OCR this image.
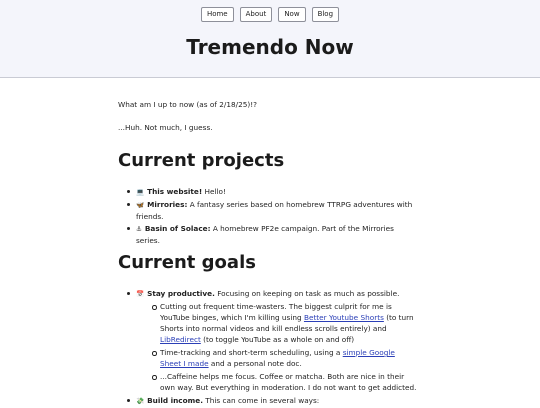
Home	About	Now	Blog
Tremendo Now

What am I up to now (as of 2/18/25)!?

...Huh. Not much, I guess.

Current projects
💻 This website! Hello!
🦋 Mirrories: A fantasy series based on homebrew TTRPG adventures with friends.
⚓ Basin of Solace: A homebrew PF2e campaign. Part of the Mirrories series.
Current goals
📅 Stay productive. Focusing on keeping on task as much as possible.
Cutting out frequent time-wasters. The biggest culprit for me is YouTube binges, which I'm killing using Better Youtube Shorts (to turn Shorts into normal videos and kill endless scrolls entirely) and LibRedirect (to toggle YouTube as a whole on and off)
Time-tracking and short-term scheduling, using a simple Google Sheet I made and a personal note doc.
...Caffeine helps me focus. Coffee or matcha. Both are nice in their own way. But everything in moderation. I do not want to get addicted.
💸 Build income. This can come in several ways:
